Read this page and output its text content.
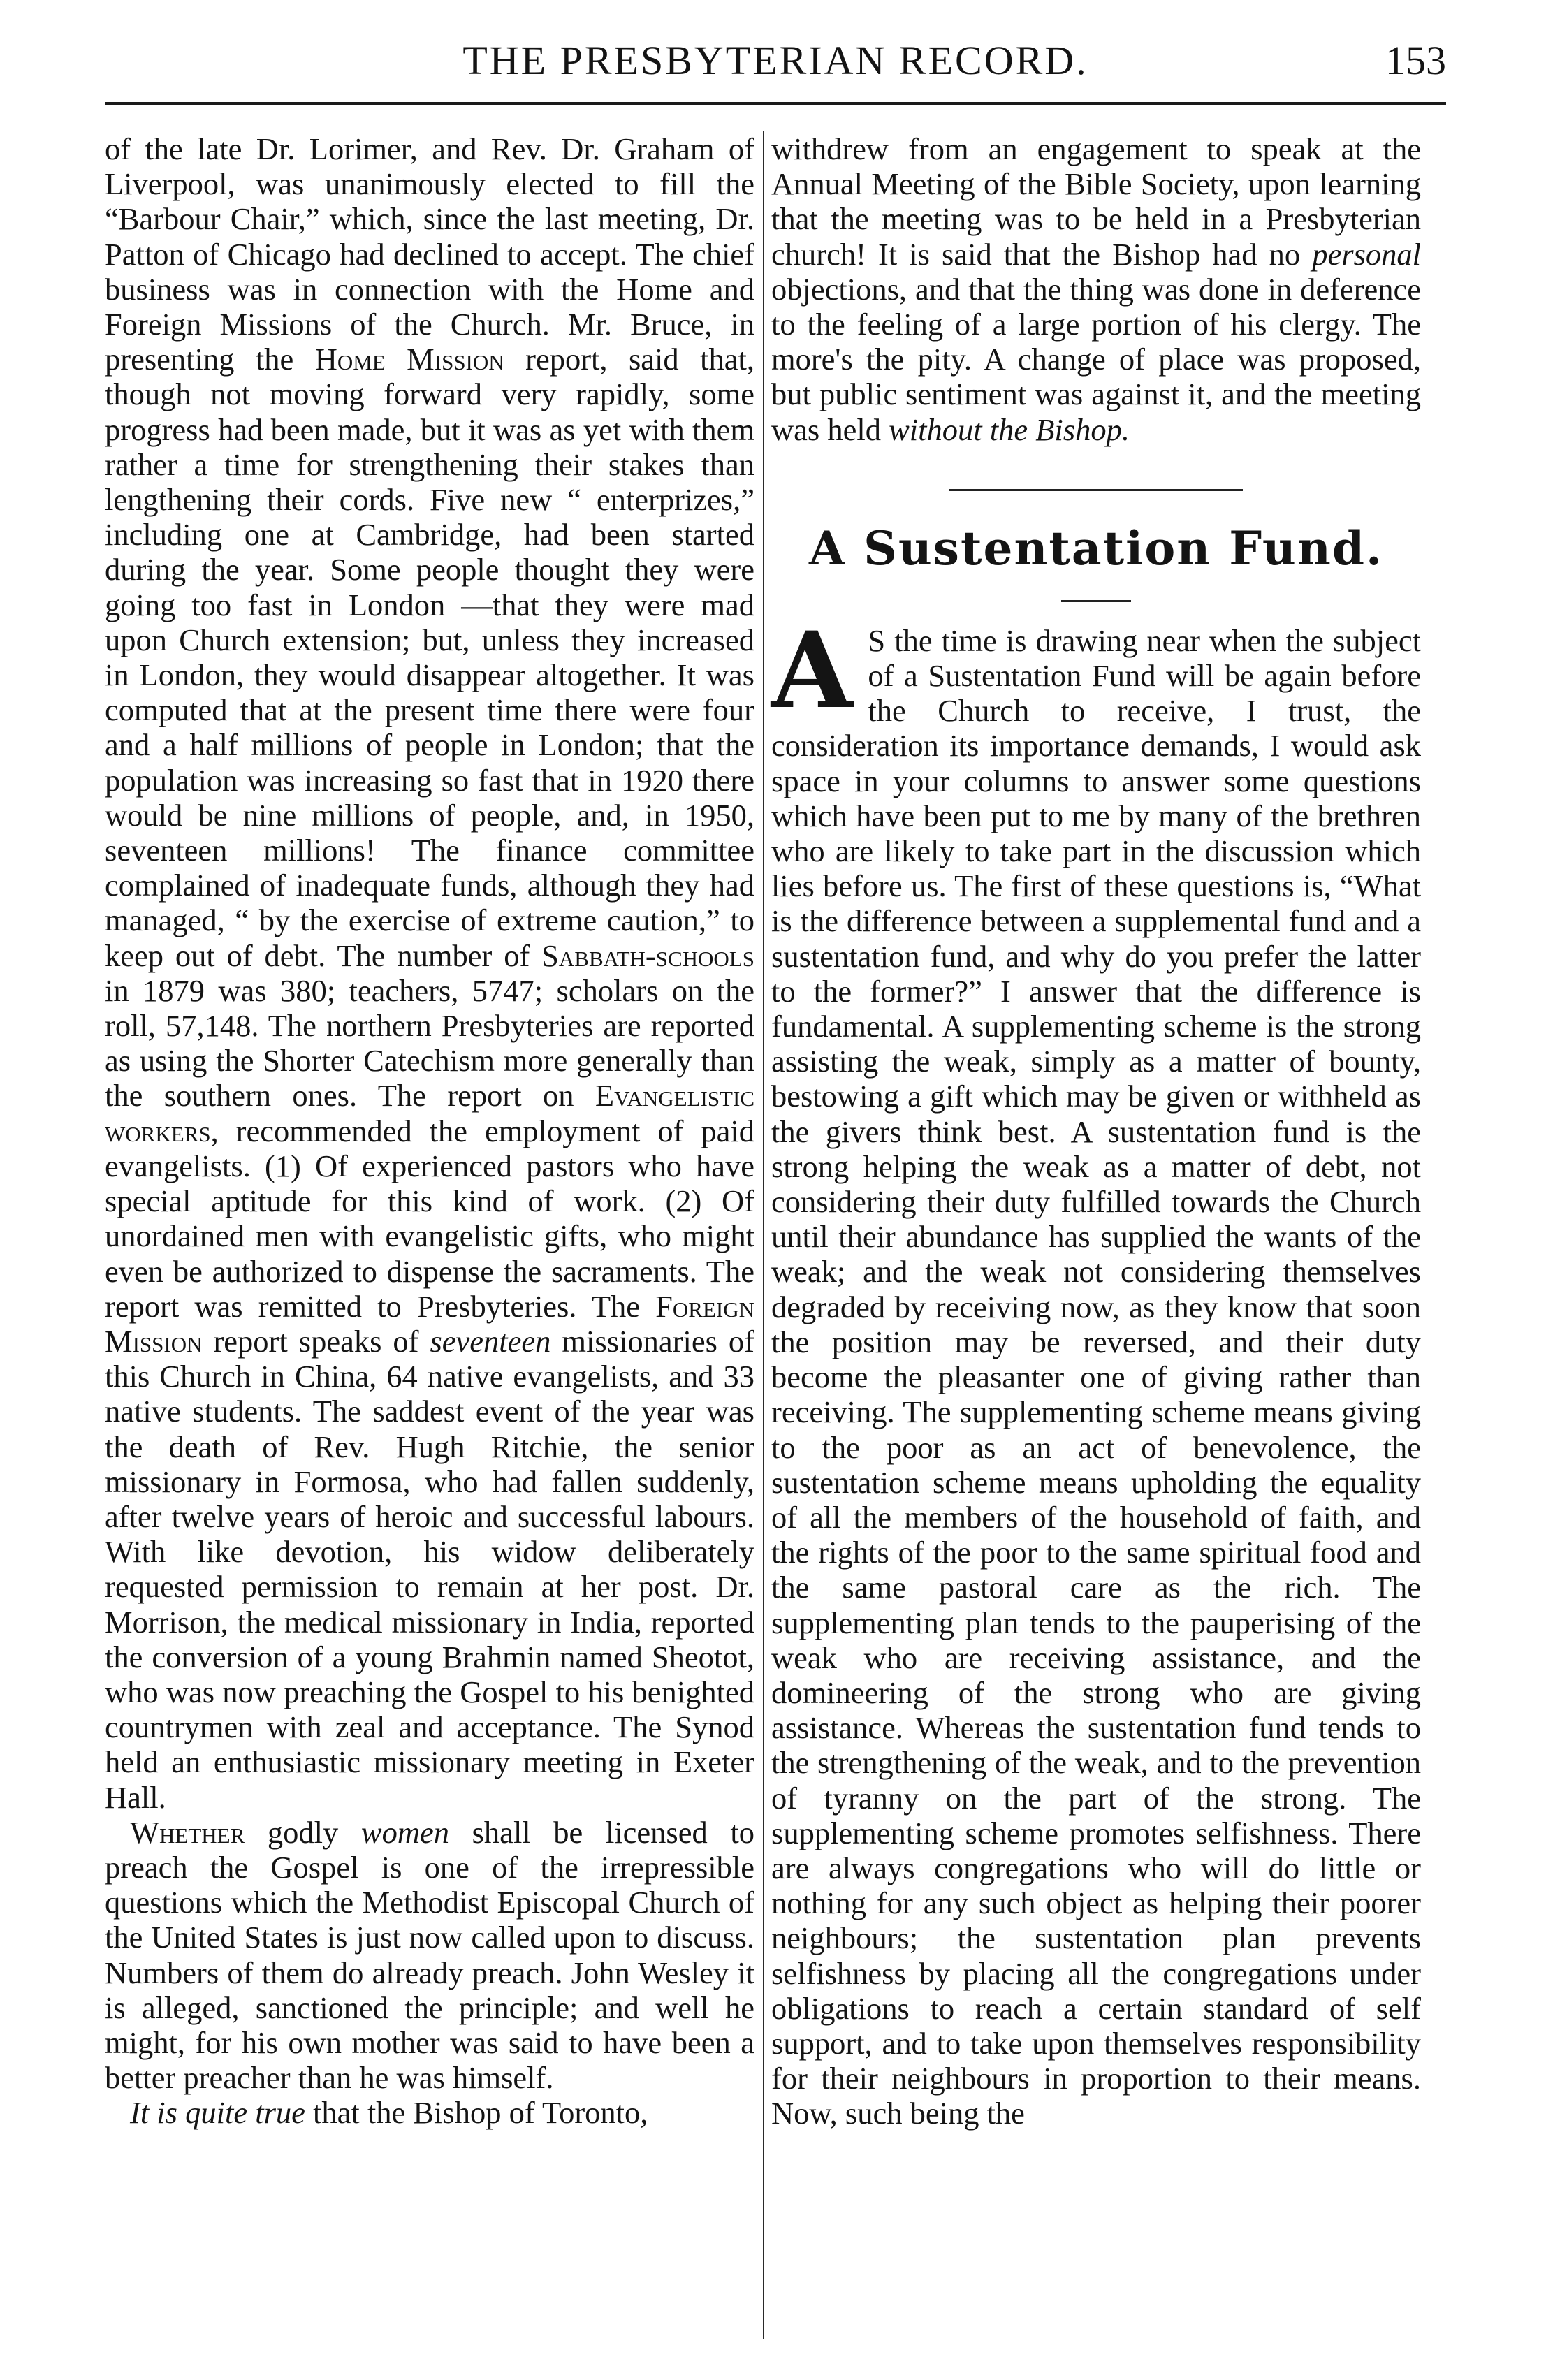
THE PRESBYTERIAN RECORD.	153

of the late Dr. Lorimer, and Rev. Dr. Graham of Liverpool, was unanimously elected to fill the “Barbour Chair,” which, since the last meeting, Dr. Patton of Chicago had declined to accept. The chief business was in connection with the Home and Foreign Missions of the Church. Mr. Bruce, in presenting the Home Mission report, said that, though not moving forward very rapidly, some progress had been made, but it was as yet with them rather a time for strengthening their stakes than lengthening their cords. Five new “ enterprizes,” including one at Cambridge, had been started during the year. Some people thought they were going too fast in London —that they were mad upon Church extension; but, unless they increased in London, they would disappear altogether. It was computed that at the present time there were four and a half millions of people in London; that the population was increasing so fast that in 1920 there would be nine millions of people, and, in 1950, seventeen millions! The finance committee complained of inadequate funds, although they had managed, “ by the exercise of extreme caution,” to keep out of debt. The number of Sabbath-schools in 1879 was 380; teachers, 5747; scholars on the roll, 57,148. The northern Presbyteries are reported as using the Shorter Catechism more generally than the southern ones. The report on Evangelistic workers, recommended the employment of paid evangelists. (1) Of experienced pastors who have special aptitude for this kind of work. (2) Of unordained men with evangelistic gifts, who might even be authorized to dispense the sacraments. The report was remitted to Presbyteries. The Foreign Mission report speaks of seventeen missionaries of this Church in China, 64 native evangelists, and 33 native students. The saddest event of the year was the death of Rev. Hugh Ritchie, the senior missionary in Formosa, who had fallen suddenly, after twelve years of heroic and successful labours. With like devotion, his widow deliberately requested permission to remain at her post. Dr. Morrison, the medical missionary in India, reported the conversion of a young Brahmin named Sheotot, who was now preaching the Gospel to his benighted countrymen with zeal and acceptance. The Synod held an enthusiastic missionary meeting in Exeter Hall.

Whether godly women shall be licensed to preach the Gospel is one of the irrepressible questions which the Methodist Episcopal Church of the United States is just now called upon to discuss. Numbers of them do already preach. John Wesley it is alleged, sanctioned the principle; and well he might, for his own mother was said to have been a better preacher than he was himself.

It is quite true that the Bishop of Toronto,

withdrew from an engagement to speak at the Annual Meeting of the Bible Society, upon learning that the meeting was to be held in a Presbyterian church! It is said that the Bishop had no personal objections, and that the thing was done in deference to the feeling of a large portion of his clergy. The more's the pity. A change of place was proposed, but public sentiment was against it, and the meeting was held without the Bishop.

A Sustentation Fund.

AS the time is drawing near when the subject of a Sustentation Fund will be again before the Church to receive, I trust, the consideration its importance demands, I would ask space in your columns to answer some questions which have been put to me by many of the brethren who are likely to take part in the discussion which lies before us. The first of these questions is, “What is the difference between a supplemental fund and a sustentation fund, and why do you prefer the latter to the former?” I answer that the difference is fundamental. A supplementing scheme is the strong assisting the weak, simply as a matter of bounty, bestowing a gift which may be given or withheld as the givers think best. A sustentation fund is the strong helping the weak as a matter of debt, not considering their duty fulfilled towards the Church until their abundance has supplied the wants of the weak; and the weak not considering themselves degraded by receiving now, as they know that soon the position may be reversed, and their duty become the pleasanter one of giving rather than receiving. The supplementing scheme means giving to the poor as an act of benevolence, the sustentation scheme means upholding the equality of all the members of the household of faith, and the rights of the poor to the same spiritual food and the same pastoral care as the rich. The supplementing plan tends to the pauperising of the weak who are receiving assistance, and the domineering of the strong who are giving assistance. Whereas the sustentation fund tends to the strengthening of the weak, and to the prevention of tyranny on the part of the strong. The supplementing scheme promotes selfishness. There are always congregations who will do little or nothing for any such object as helping their poorer neighbours; the sustentation plan prevents selfishness by placing all the congregations under obligations to reach a certain standard of self support, and to take upon themselves responsibility for their neighbours in proportion to their means. Now, such being the
